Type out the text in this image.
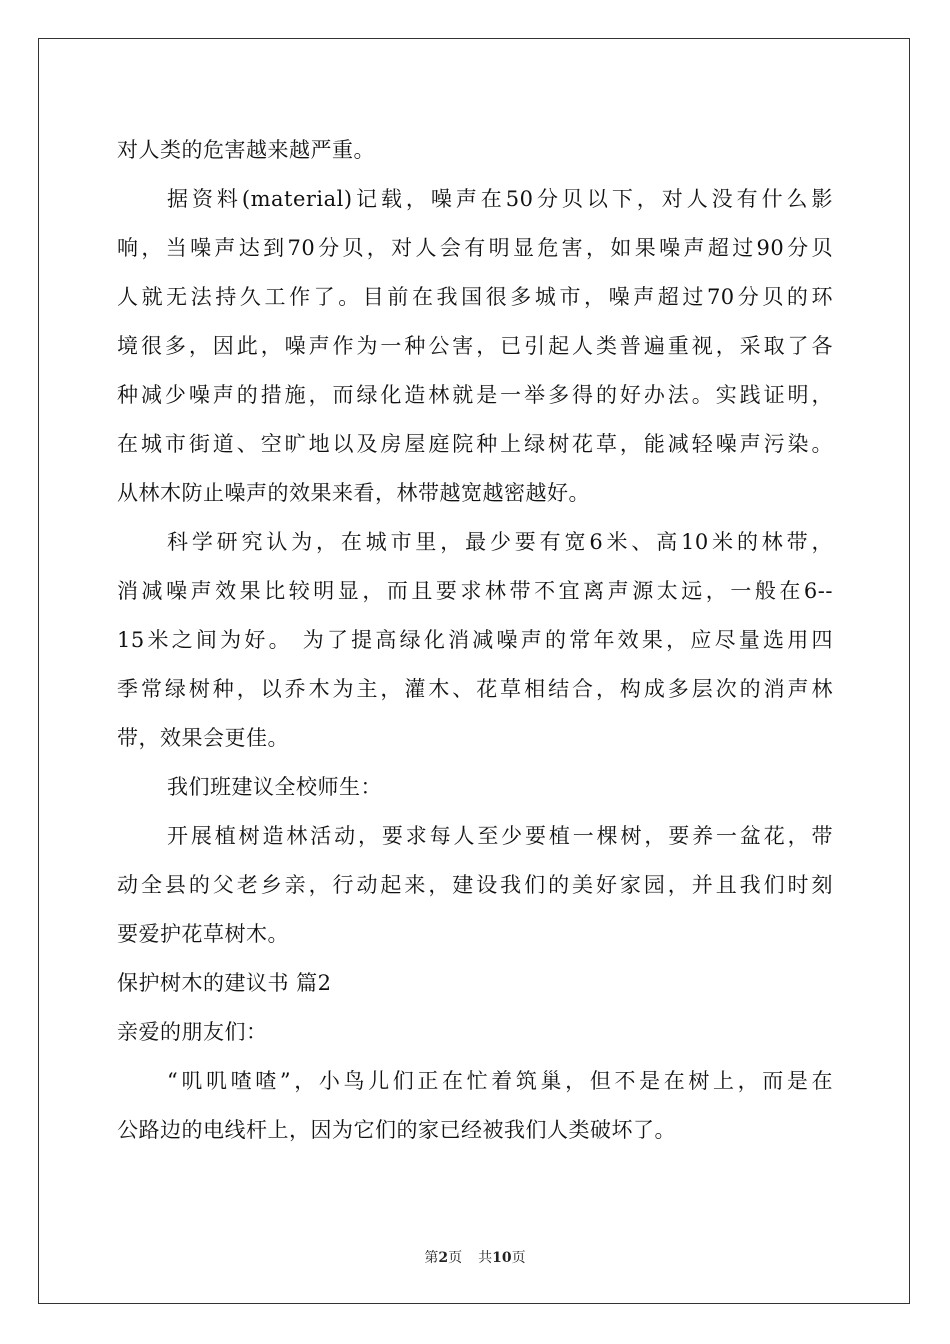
对人类的危害越来越严重。
据资料(material)记载，噪声在50分贝以下，对人没有什么影
响，当噪声达到70分贝，对人会有明显危害，如果噪声超过90分贝
人就无法持久工作了。目前在我国很多城市，噪声超过70分贝的环
境很多，因此，噪声作为一种公害，已引起人类普遍重视，采取了各
种减少噪声的措施，而绿化造林就是一举多得的好办法。实践证明，
在城市街道、空旷地以及房屋庭院种上绿树花草，能减轻噪声污染。
从林木防止噪声的效果来看，林带越宽越密越好。
科学研究认为，在城市里，最少要有宽6米、高10米的林带，
消减噪声效果比较明显，而且要求林带不宜离声源太远，一般在6--
15米之间为好。 为了提高绿化消减噪声的常年效果，应尽量选用四
季常绿树种，以乔木为主，灌木、花草相结合，构成多层次的消声林
带，效果会更佳。
我们班建议全校师生：
开展植树造林活动，要求每人至少要植一棵树，要养一盆花，带
动全县的父老乡亲，行动起来，建设我们的美好家园，并且我们时刻
要爱护花草树木。
保护树木的建议书 篇2
亲爱的朋友们：
“叽叽喳喳”，小鸟儿们正在忙着筑巢，但不是在树上，而是在
公路边的电线杆上，因为它们的家已经被我们人类破坏了。
第2页 共10页
